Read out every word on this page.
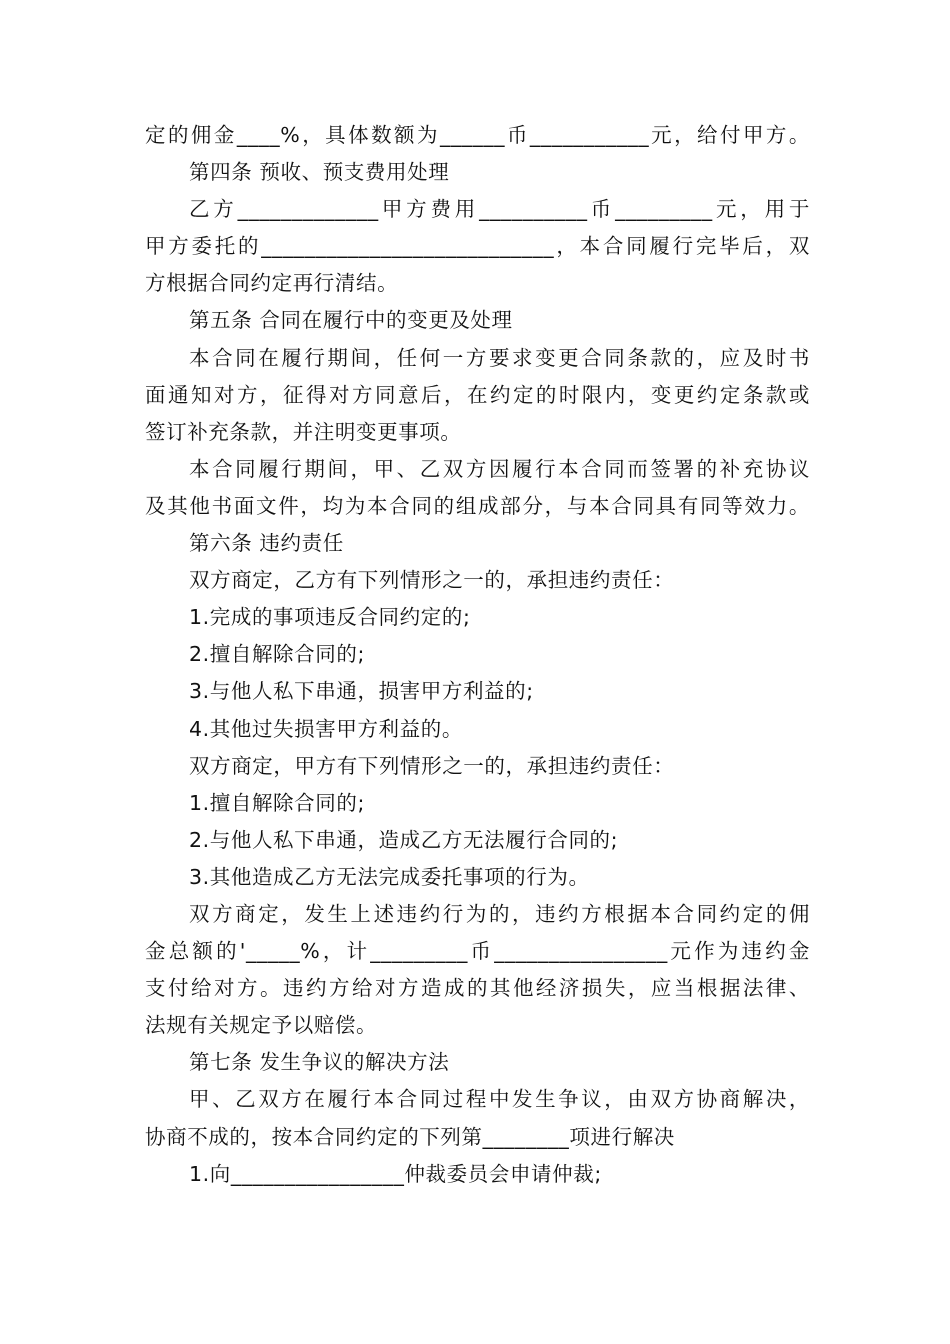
定的佣金____%，具体数额为______币___________元，给付甲方。
第四条 预收、预支费用处理
乙方_____________甲方费用__________币_________元，用于
甲方委托的___________________________，本合同履行完毕后，双
方根据合同约定再行清结。
第五条 合同在履行中的变更及处理
本合同在履行期间，任何一方要求变更合同条款的，应及时书
面通知对方，征得对方同意后，在约定的时限内，变更约定条款或
签订补充条款，并注明变更事项。
本合同履行期间，甲、乙双方因履行本合同而签署的补充协议
及其他书面文件，均为本合同的组成部分，与本合同具有同等效力。
第六条 违约责任
双方商定，乙方有下列情形之一的，承担违约责任：
1.完成的事项违反合同约定的;
2.擅自解除合同的;
3.与他人私下串通，损害甲方利益的;
4.其他过失损害甲方利益的。
双方商定，甲方有下列情形之一的，承担违约责任：
1.擅自解除合同的;
2.与他人私下串通，造成乙方无法履行合同的;
3.其他造成乙方无法完成委托事项的行为。
双方商定，发生上述违约行为的，违约方根据本合同约定的佣
金总额的'_____%，计_________币________________元作为违约金
支付给对方。违约方给对方造成的其他经济损失，应当根据法律、
法规有关规定予以赔偿。
第七条 发生争议的解决方法
甲、乙双方在履行本合同过程中发生争议，由双方协商解决，
协商不成的，按本合同约定的下列第________项进行解决
1.向________________仲裁委员会申请仲裁;
